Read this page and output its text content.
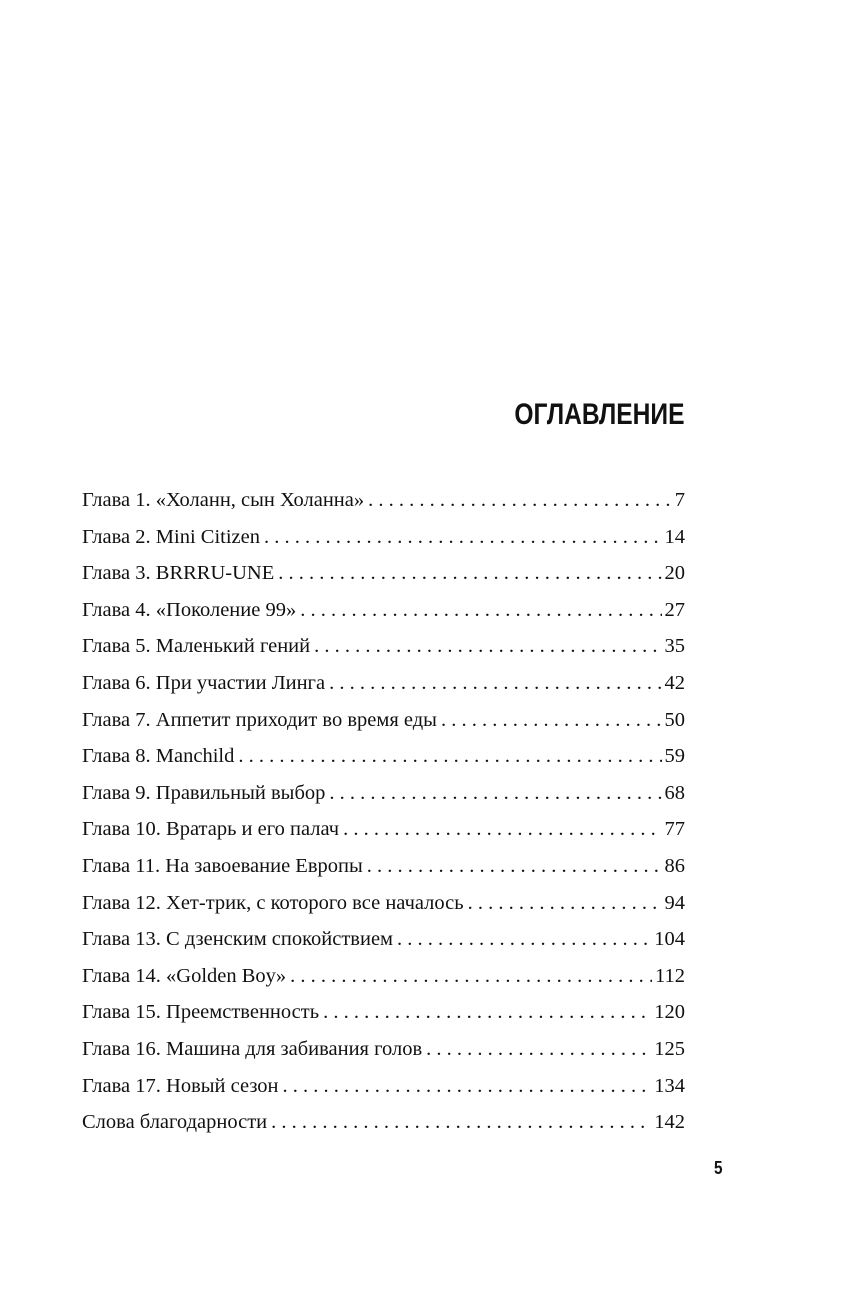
ОГЛАВЛЕНИЕ
Глава 1. «Холанн, сын Холанна» . . .	7
Глава 2. Mini Citizen . . .	14
Глава 3. BRRRU-UNE . . .	20
Глава 4. «Поколение 99» . . .	27
Глава 5. Маленький гений . . .	35
Глава 6. При участии Линга . . .	42
Глава 7. Аппетит приходит во время еды . . .	50
Глава 8. Manchild . . .	59
Глава 9. Правильный выбор . . .	68
Глава 10. Вратарь и его палач . . .	77
Глава 11. На завоевание Европы . . .	86
Глава 12. Хет-трик, с которого все началось . . .	94
Глава 13. С дзенским спокойствием . . .	104
Глава 14. «Golden Boy» . . .	112
Глава 15. Преемственность . . .	120
Глава 16. Машина для забивания голов . . .	125
Глава 17. Новый сезон . . .	134
Слова благодарности . . .	142
5
